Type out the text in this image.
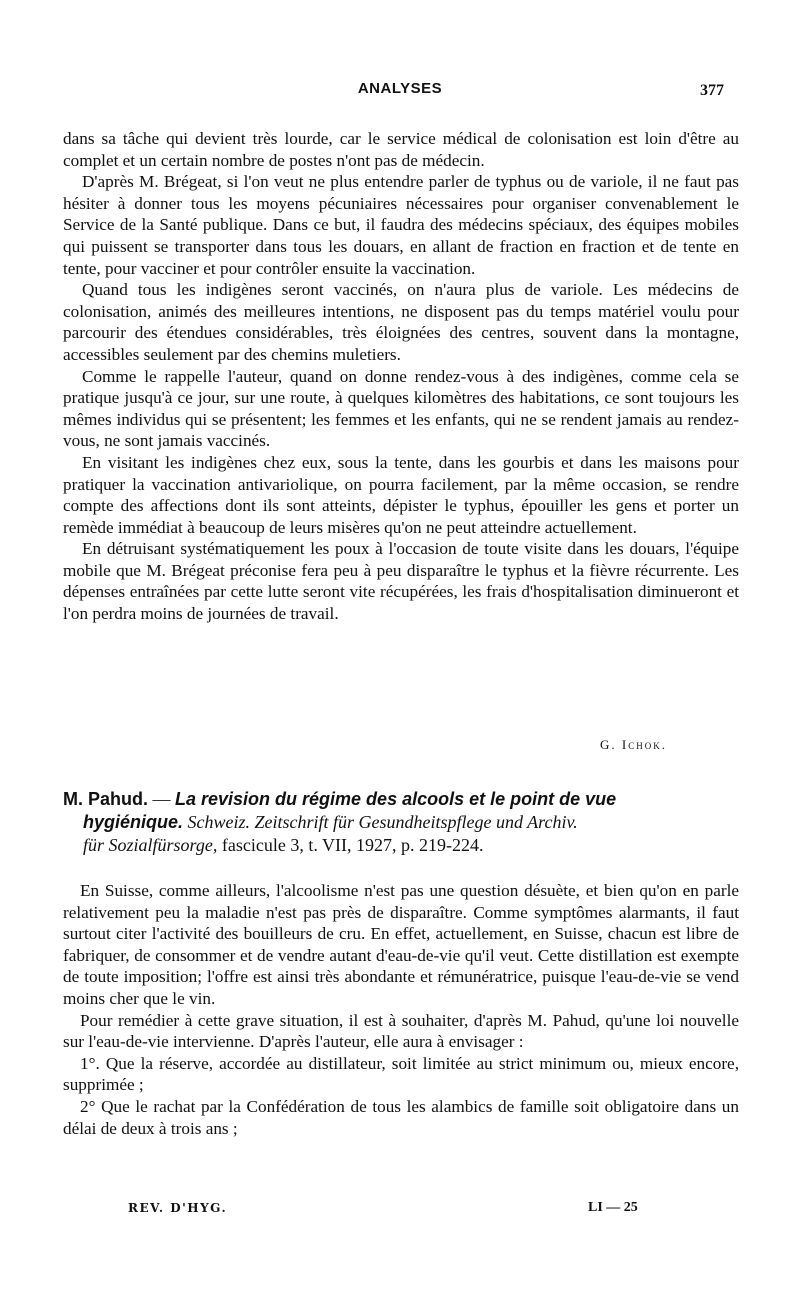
ANALYSES	377

dans sa tâche qui devient très lourde, car le service médical de colonisation est loin d'être au complet et un certain nombre de postes n'ont pas de médecin.

D'après M. Brégeat, si l'on veut ne plus entendre parler de typhus ou de variole, il ne faut pas hésiter à donner tous les moyens pécuniaires nécessaires pour organiser convenablement le Service de la Santé publique. Dans ce but, il faudra des médecins spéciaux, des équipes mobiles qui puissent se transporter dans tous les douars, en allant de fraction en fraction et de tente en tente, pour vacciner et pour contrôler ensuite la vaccination.

Quand tous les indigènes seront vaccinés, on n'aura plus de variole. Les médecins de colonisation, animés des meilleures intentions, ne disposent pas du temps matériel voulu pour parcourir des étendues considérables, très éloignées des centres, souvent dans la montagne, accessibles seulement par des chemins muletiers.

Comme le rappelle l'auteur, quand on donne rendez-vous à des indigènes, comme cela se pratique jusqu'à ce jour, sur une route, à quelques kilomètres des habitations, ce sont toujours les mêmes individus qui se présentent; les femmes et les enfants, qui ne se rendent jamais au rendez-vous, ne sont jamais vaccinés.

En visitant les indigènes chez eux, sous la tente, dans les gourbis et dans les maisons pour pratiquer la vaccination antivariolique, on pourra facilement, par la même occasion, se rendre compte des affections dont ils sont atteints, dépister le typhus, épouiller les gens et porter un remède immédiat à beaucoup de leurs misères qu'on ne peut atteindre actuellement.

En détruisant systématiquement les poux à l'occasion de toute visite dans les douars, l'équipe mobile que M. Brégeat préconise fera peu à peu disparaître le typhus et la fièvre récurrente. Les dépenses entraînées par cette lutte seront vite récupérées, les frais d'hospitalisation diminueront et l'on perdra moins de journées de travail.

G. Ichok.
M. Pahud. — La revision du régime des alcools et le point de vue
hygiénique. Schweiz. Zeitschrift für Gesundheitspflege und Archiv.
für Sozialfürsorge, fascicule 3, t. VII, 1927, p. 219-224.

En Suisse, comme ailleurs, l'alcoolisme n'est pas une question désuète, et bien qu'on en parle relativement peu la maladie n'est pas près de disparaître. Comme symptômes alarmants, il faut surtout citer l'activité des bouilleurs de cru. En effet, actuellement, en Suisse, chacun est libre de fabriquer, de consommer et de vendre autant d'eau-de-vie qu'il veut. Cette distillation est exempte de toute imposition; l'offre est ainsi très abondante et rémunératrice, puisque l'eau-de-vie se vend moins cher que le vin.

Pour remédier à cette grave situation, il est à souhaiter, d'après M. Pahud, qu'une loi nouvelle sur l'eau-de-vie intervienne. D'après l'auteur, elle aura à envisager :

1°. Que la réserve, accordée au distillateur, soit limitée au strict minimum ou, mieux encore, supprimée ;

2° Que le rachat par la Confédération de tous les alambics de famille soit obligatoire dans un délai de deux à trois ans ;

REV. D'HYG.	LI — 25
